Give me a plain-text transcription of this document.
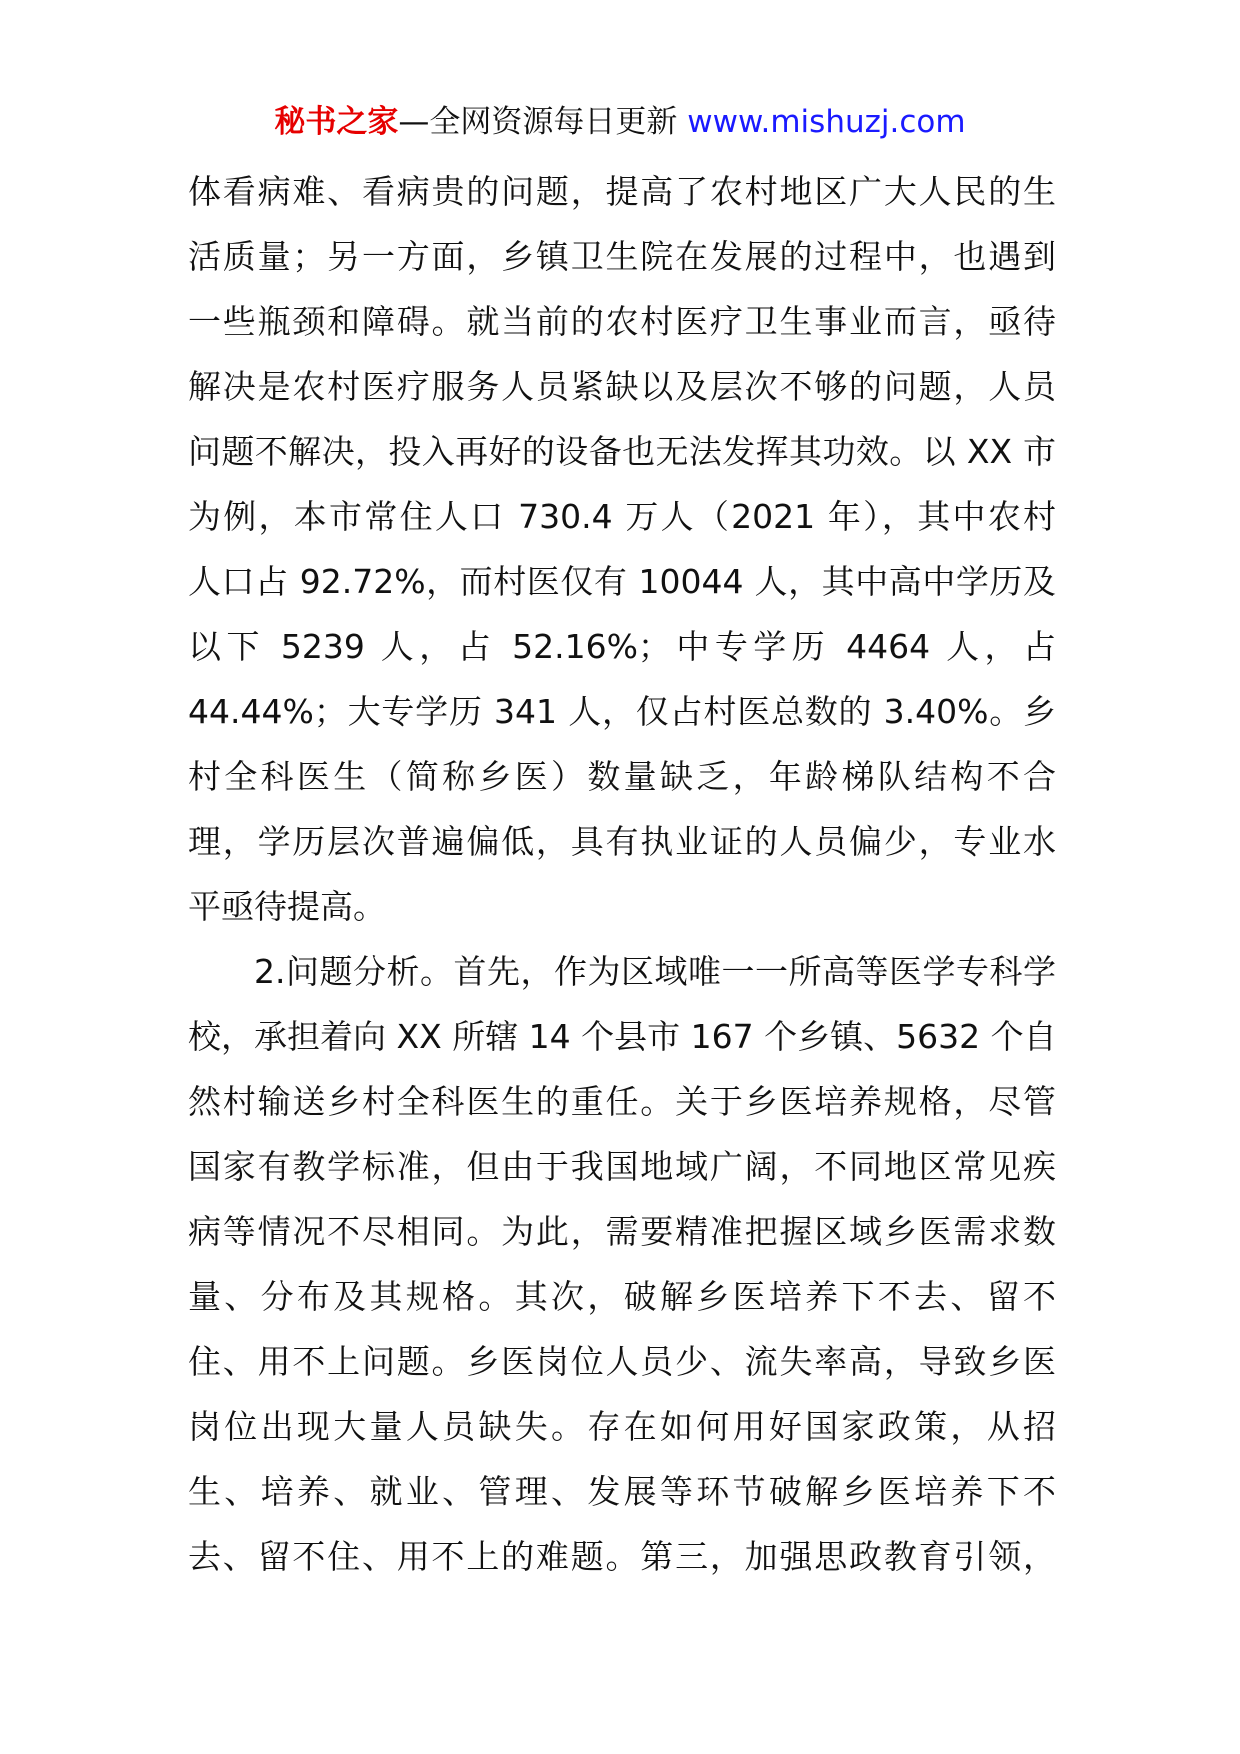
秘书之家—全网资源每日更新 www.mishuzj.com
体看病难、看病贵的问题，提高了农村地区广大人民的生
活质量；另一方面，乡镇卫生院在发展的过程中，也遇到
一些瓶颈和障碍。就当前的农村医疗卫生事业而言，亟待
解决是农村医疗服务人员紧缺以及层次不够的问题，人员
问题不解决，投入再好的设备也无法发挥其功效。以 XX 市
为例，本市常住人口 730.4 万人（2021 年），其中农村
人口占 92.72%，而村医仅有 10044 人，其中高中学历及
以下 5239 人，占 52.16%；中专学历 4464 人，占
44.44%；大专学历 341 人，仅占村医总数的 3.40%。乡
村全科医生（简称乡医）数量缺乏，年龄梯队结构不合
理，学历层次普遍偏低，具有执业证的人员偏少，专业水
平亟待提高。
2.问题分析。首先，作为区域唯一一所高等医学专科学
校，承担着向 XX 所辖 14 个县市 167 个乡镇、5632 个自
然村输送乡村全科医生的重任。关于乡医培养规格，尽管
国家有教学标准，但由于我国地域广阔，不同地区常见疾
病等情况不尽相同。为此，需要精准把握区域乡医需求数
量、分布及其规格。其次，破解乡医培养下不去、留不
住、用不上问题。乡医岗位人员少、流失率高，导致乡医
岗位出现大量人员缺失。存在如何用好国家政策，从招
生、培养、就业、管理、发展等环节破解乡医培养下不
去、留不住、用不上的难题。第三，加强思政教育引领，
